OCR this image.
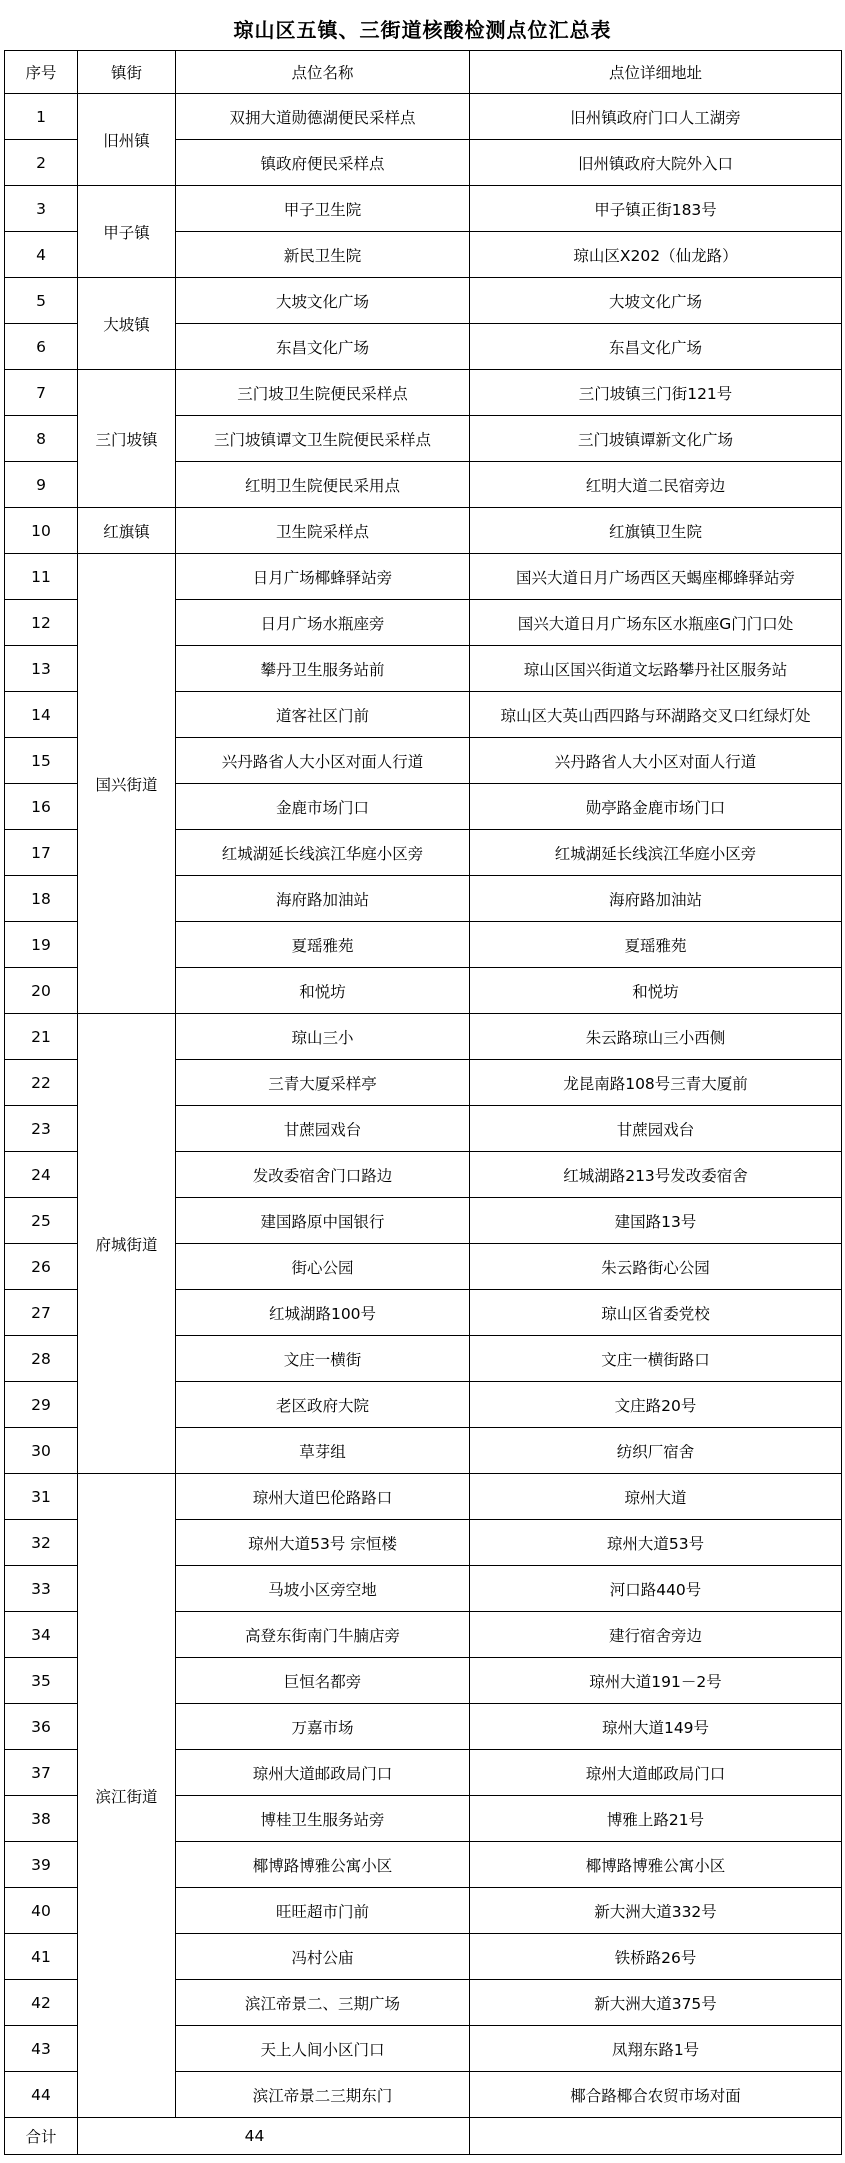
琼山区五镇、三街道核酸检测点位汇总表
序号	镇街	点位名称	点位详细地址
1	旧州镇	双拥大道勋德湖便民采样点	旧州镇政府门口人工湖旁
2		镇政府便民采样点	旧州镇政府大院外入口
3	甲子镇	甲子卫生院	甲子镇正街183号
4		新民卫生院	琼山区X202（仙龙路）
5	大坡镇	大坡文化广场	大坡文化广场
6		东昌文化广场	东昌文化广场
7	三门坡镇	三门坡卫生院便民采样点	三门坡镇三门街121号
8		三门坡镇谭文卫生院便民采样点	三门坡镇谭新文化广场
9		红明卫生院便民采用点	红明大道二民宿旁边
10	红旗镇	卫生院采样点	红旗镇卫生院
11	国兴街道	日月广场椰蜂驿站旁	国兴大道日月广场西区天蝎座椰蜂驿站旁
12		日月广场水瓶座旁	国兴大道日月广场东区水瓶座G门门口处
13		攀丹卫生服务站前	琼山区国兴街道文坛路攀丹社区服务站
14		道客社区门前	琼山区大英山西四路与环湖路交叉口红绿灯处
15		兴丹路省人大小区对面人行道	兴丹路省人大小区对面人行道
16		金鹿市场门口	勋亭路金鹿市场门口
17		红城湖延长线滨江华庭小区旁	红城湖延长线滨江华庭小区旁
18		海府路加油站	海府路加油站
19		夏瑶雅苑	夏瑶雅苑
20		和悦坊	和悦坊
21	府城街道	琼山三小	朱云路琼山三小西侧
22		三青大厦采样亭	龙昆南路108号三青大厦前
23		甘蔗园戏台	甘蔗园戏台
24		发改委宿舍门口路边	红城湖路213号发改委宿舍
25		建国路原中国银行	建国路13号
26		街心公园	朱云路街心公园
27		红城湖路100号	琼山区省委党校
28		文庄一横街	文庄一横街路口
29		老区政府大院	文庄路20号
30		草芽组	纺织厂宿舍
31	滨江街道	琼州大道巴伦路路口	琼州大道
32		琼州大道53号 宗恒楼	琼州大道53号
33		马坡小区旁空地	河口路440号
34		高登东街南门牛腩店旁	建行宿舍旁边
35		巨恒名都旁	琼州大道191－2号
36		万嘉市场	琼州大道149号
37		琼州大道邮政局门口	琼州大道邮政局门口
38		博桂卫生服务站旁	博雅上路21号
39		椰博路博雅公寓小区	椰博路博雅公寓小区
40		旺旺超市门前	新大洲大道332号
41		冯村公庙	铁桥路26号
42		滨江帝景二、三期广场	新大洲大道375号
43		天上人间小区门口	凤翔东路1号
44		滨江帝景二三期东门	椰合路椰合农贸市场对面
合计	44		
